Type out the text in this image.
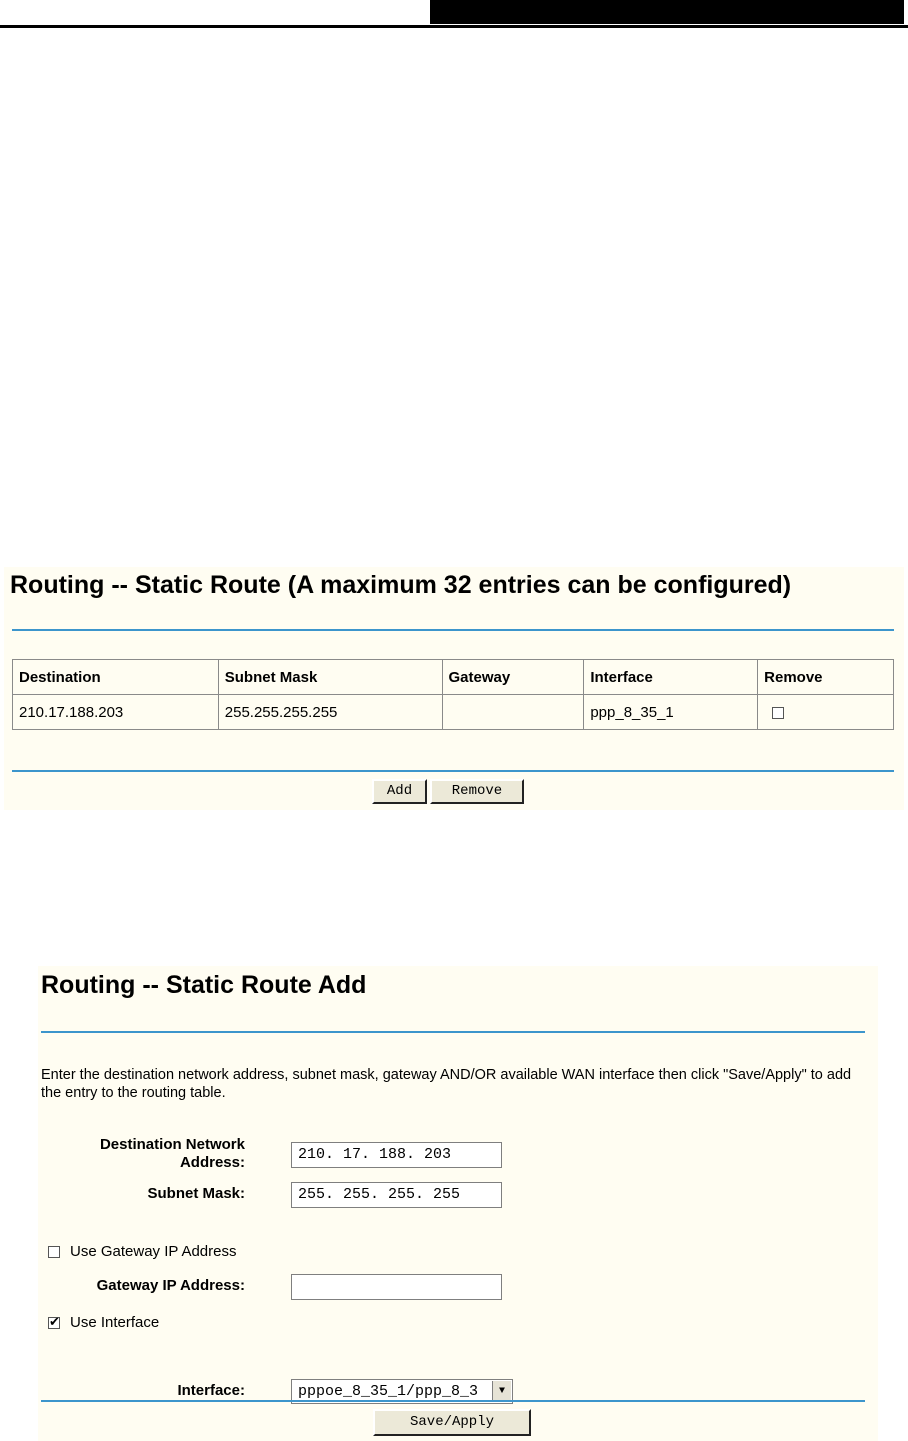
Routing -- Static Route (A maximum 32 entries can be configured)
Destination	Subnet Mask	Gateway	Interface	Remove
210.17.188.203	255.255.255.255		ppp_8_35_1	
Add	Remove
Routing -- Static Route Add
Enter the destination network address, subnet mask, gateway AND/OR available WAN interface then click "Save/Apply" to add the entry to the routing table.
Destination Network
Address:	210. 17. 188. 203
Subnet Mask:	255. 255. 255. 255
Use Gateway IP Address
Gateway IP Address:
✔Use Interface
Interface:	pppoe_8_35_1/ppp_8_3	▼
Save/Apply
